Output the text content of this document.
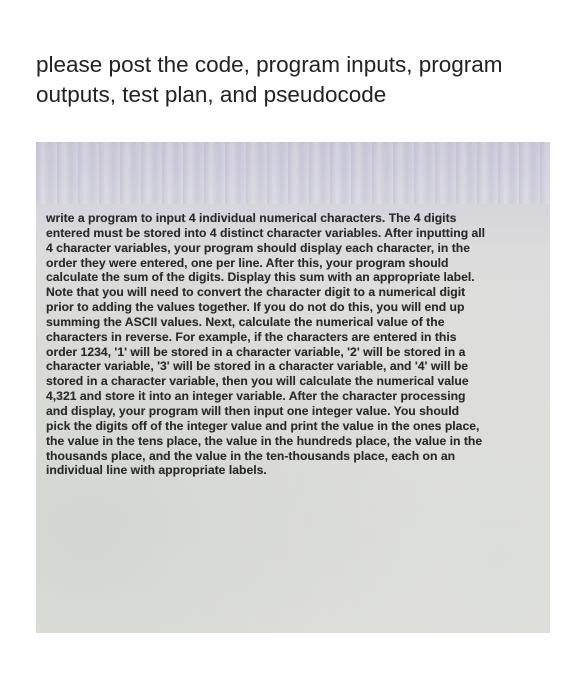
please post the code, program inputs, program outputs, test plan, and pseudocode

write a program to input 4 individual numerical characters. The 4 digits
entered must be stored into 4 distinct character variables. After inputting all
4 character variables, your program should display each character, in the
order they were entered, one per line. After this, your program should
calculate the sum of the digits. Display this sum with an appropriate label.
Note that you will need to convert the character digit to a numerical digit
prior to adding the values together. If you do not do this, you will end up
summing the ASCII values. Next, calculate the numerical value of the
characters in reverse. For example, if the characters are entered in this
order 1234, '1' will be stored in a character variable, '2' will be stored in a
character variable, '3' will be stored in a character variable, and '4' will be
stored in a character variable, then you will calculate the numerical value
4,321 and store it into an integer variable. After the character processing
and display, your program will then input one integer value. You should
pick the digits off of the integer value and print the value in the ones place,
the value in the tens place, the value in the hundreds place, the value in the
thousands place, and the value in the ten-thousands place, each on an
individual line with appropriate labels.
